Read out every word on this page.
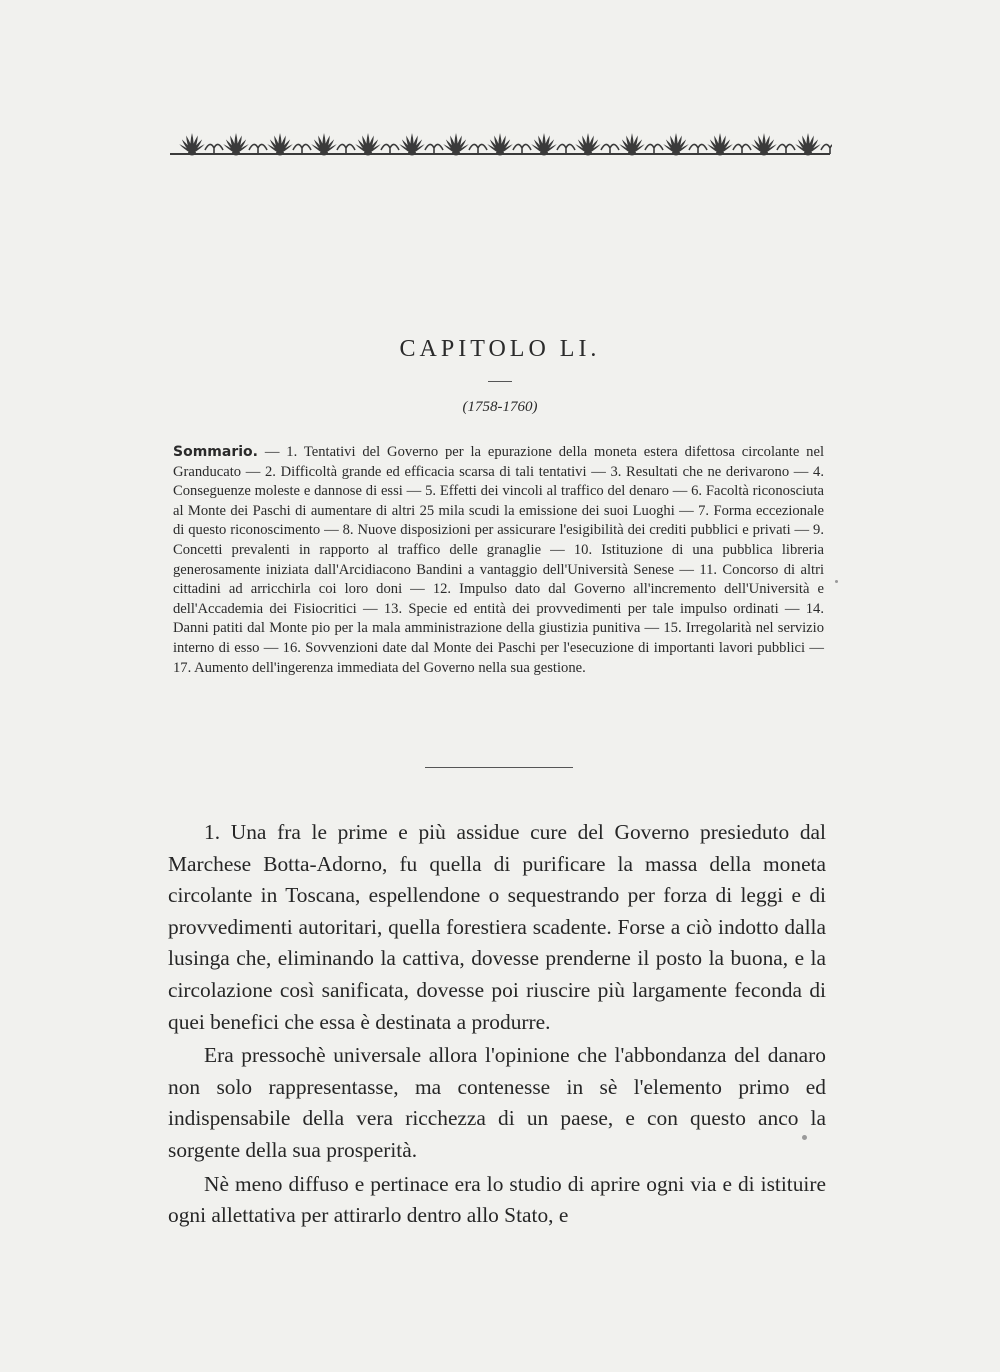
CAPITOLO LI.
(1758-1760)
Sommario. — 1. Tentativi del Governo per la epurazione della moneta estera difettosa circolante nel Granducato — 2. Difficoltà grande ed efficacia scarsa di tali tentativi — 3. Resultati che ne derivarono — 4. Conseguenze moleste e dannose di essi — 5. Effetti dei vincoli al traffico del denaro — 6. Facoltà riconosciuta al Monte dei Paschi di aumentare di altri 25 mila scudi la emissione dei suoi Luoghi — 7. Forma eccezionale di questo riconoscimento — 8. Nuove disposizioni per assicurare l'esigibilità dei crediti pubblici e privati — 9. Concetti prevalenti in rapporto al traffico delle granaglie — 10. Istituzione di una pubblica libreria generosamente iniziata dall'Arcidiacono Bandini a vantaggio dell'Università Senese — 11. Concorso di altri cittadini ad arricchirla coi loro doni — 12. Impulso dato dal Governo all'incremento dell'Università e dell'Accademia dei Fisiocritici — 13. Specie ed entità dei provvedimenti per tale impulso ordinati — 14. Danni patiti dal Monte pio per la mala amministrazione della giustizia punitiva — 15. Irregolarità nel servizio interno di esso — 16. Sovvenzioni date dal Monte dei Paschi per l'esecuzione di importanti lavori pubblici — 17. Aumento dell'ingerenza immediata del Governo nella sua gestione.

1. Una fra le prime e più assidue cure del Governo presieduto dal Marchese Botta-Adorno, fu quella di purificare la massa della moneta circolante in Toscana, espellendone o sequestrando per forza di leggi e di provvedimenti autoritari, quella forestiera scadente. Forse a ciò indotto dalla lusinga che, eliminando la cattiva, dovesse prenderne il posto la buona, e la circolazione così sanificata, dovesse poi riuscire più largamente feconda di quei benefici che essa è destinata a produrre.

Era pressochè universale allora l'opinione che l'abbondanza del danaro non solo rappresentasse, ma contenesse in sè l'elemento primo ed indispensabile della vera ricchezza di un paese, e con questo anco la sorgente della sua prosperità.

Nè meno diffuso e pertinace era lo studio di aprire ogni via e di istituire ogni allettativa per attirarlo dentro allo Stato, e
